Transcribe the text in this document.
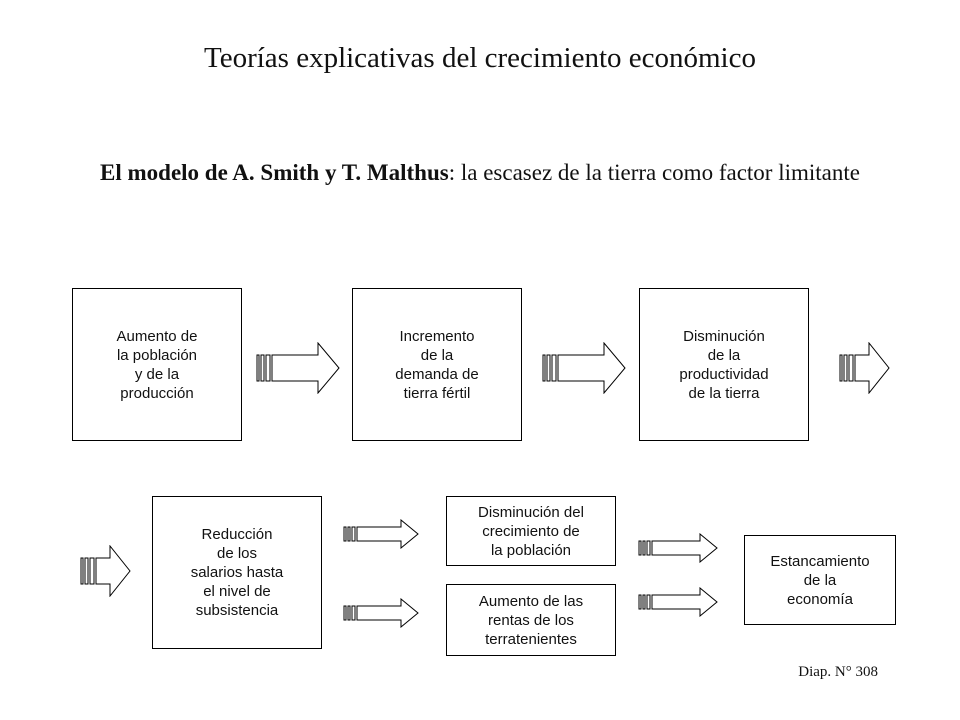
Teorías explicativas del crecimiento económico
El modelo de A. Smith y T. Malthus: la escasez de la tierra como factor limitante
Aumento de
la población
y de la
producción
Incremento
de la
demanda de
tierra fértil
Disminución
de la
productividad
de la tierra
Reducción
de los
salarios hasta
el nivel de
subsistencia
Disminución del
crecimiento de
la población
Aumento de las
rentas de los
terratenientes
Estancamiento
de la
economía
Diap. N° 308
